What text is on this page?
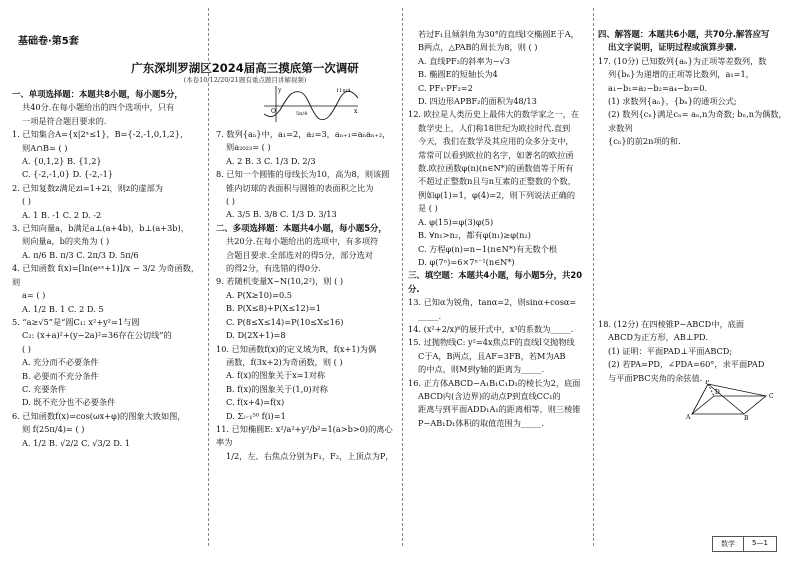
基础卷·第5套
广东深圳罗湖区2024届高三摸底第一次调研
(本卷10/12/20/21题有重点题目讲解视频)
一、单项选择题：本题共8小题，每小题5分，
共40分.在每小题给出的四个选项中，只有
一项是符合题目要求的.
1. 已知集合A={x|2ˣ≤1}，B={-2,-1,0,1,2}，
则A∩B= ( )
A. {0,1,2} B. {1,2}
C. {-2,-1,0} D. {-2,-1}
2. 已知复数z满足zi=1+2i，则z的虚部为
( )
A. 1 B. -1 C. 2 D. -2
3. 已知向量a，b满足a⊥(a+4b)，b⊥(a+3b)，
则向量a，b的夹角为 ( )
A. π/6 B. π/3 C. 2π/3 D. 5π/6
4. 已知函数 f(x)=[ln(eᵃˣ+1)]/x − 3/2 为奇函数，则
a= ( )
A. 1/2 B. 1 C. 2 D. 5
5. “a≥√5”是“圆C₁: x²+y²=1与圆
C₂: (x+a)²+(y−2a)²=36存在公切线”的
( )
A. 充分而不必要条件
B. 必要而不充分条件
C. 充要条件
D. 既不充分也不必要条件
6. 已知函数f(x)=cos(ωx+φ)的图象大致如图，
则 f(25π/4)= ( )
A. 1/2 B. √2/2 C. √3/2 D. 1
y
x
O	5π/4
11π/4
7. 数列{aₙ}中，a₁=2，a₂=3，aₙ₊₁=aₙaₙ₊₂，
则a₂₀₂₃= ( )
A. 2 B. 3 C. 1/3 D. 2/3
8. 已知一个圆锥的母线长为10，高为8，则该圆
锥内切球的表面积与圆锥的表面积之比为
( )
A. 3/5 B. 3/8 C. 1/3 D. 3/13
二、多项选择题：本题共4小题，每小题5分，
共20分.在每小题给出的选项中，有多项符
合题目要求.全部选对的得5分，部分选对
的得2分，有选错的得0分.
9. 若随机变量X~N(10,2²)，则 ( )
A. P(X≥10)=0.5
B. P(X≤8)+P(X≤12)=1
C. P(8≤X≤14)=P(10≤X≤16)
D. D(2X+1)=8
10. 已知函数f(x)的定义域为R，f(x+1)为偶
函数，f(3x+2)为奇函数，则 ( )
A. f(x)的图象关于x=1对称
B. f(x)的图象关于(1,0)对称
C. f(x+4)=f(x)
D. Σᵢ₌₁⁵⁰ f(i)=1
11. 已知椭圆E: x²/a²+y²/b²=1(a>b>0)的离心率为
1/2，左、右焦点分别为F₁，F₂，上顶点为P，
若过F₁且倾斜角为30°的直线l交椭圆E于A，
B两点，△PAB的周长为8，则 ( )
A. 直线PF₂的斜率为−√3
B. 椭圆E的短轴长为4
C. PF₁·PF₂=2
D. 四边形APBF₂的面积为48/13
12. 欧拉是人类历史上最伟大的数学家之一，在
数学史上，人们称18世纪为欧拉时代.直到
今天，我们在数学及其应用的众多分支中，
常常可以看到欧拉的名字，如著名的欧拉函
数.欧拉函数φ(n)(n∈N*)的函数值等于所有
不超过正整数n且与n互素的正整数的个数，
例如φ(1)=1，φ(4)=2，则下列说法正确的
是 ( )
A. φ(15)=φ(3)φ(5)
B. ∀n₁>n₂，都有φ(n₁)≥φ(n₂)
C. 方程φ(n)=n−1(n∈N*)有无数个根
D. φ(7ⁿ)=6×7ⁿ⁻¹(n∈N*)
三、填空题：本题共4小题，每小题5分，共20分.
13. 已知α为锐角，tanα=2，则sinα+cosα=
_____.
14. (x²+2/x)⁶的展开式中，x³的系数为_____.
15. 过抛物线C: y²=4x焦点F的直线l交抛物线
C于A，B两点，且AF=3FB，若M为AB
的中点，则M到y轴的距离为_____.
16. 正方体ABCD−A₁B₁C₁D₁的棱长为2，底面
ABCD内(含边界)的动点P到直线CC₁的
距离与到平面ADD₁A₁的距离相等，则三棱锥
P−AB₁D₁体积的取值范围为_____.
四、解答题：本题共6小题，共70分.解答应写
出文字说明，证明过程或演算步骤.
17. (10分) 已知数列{aₙ}为正项等差数列，数
列{bₙ}为递增的正项等比数列，a₁=1，
a₁−b₁=a₂−b₂=a₄−b₃=0.
(1) 求数列{aₙ}，{bₙ}的通项公式;
(2) 数列{cₙ}满足cₙ= aₙ,n为奇数; bₙ,n为偶数，求数列
{cₙ}的前2n项的和.
18. (12分) 在四棱锥P−ABCD中，底面
ABCD为正方形，AB⊥PD.
(1) 证明：平面PAD⊥平面ABCD;
(2) 若PA=PD，∠PDA=60°，求平面PAD
与平面PBC夹角的余弦值. P
A	B
C
D
数学	5—1
